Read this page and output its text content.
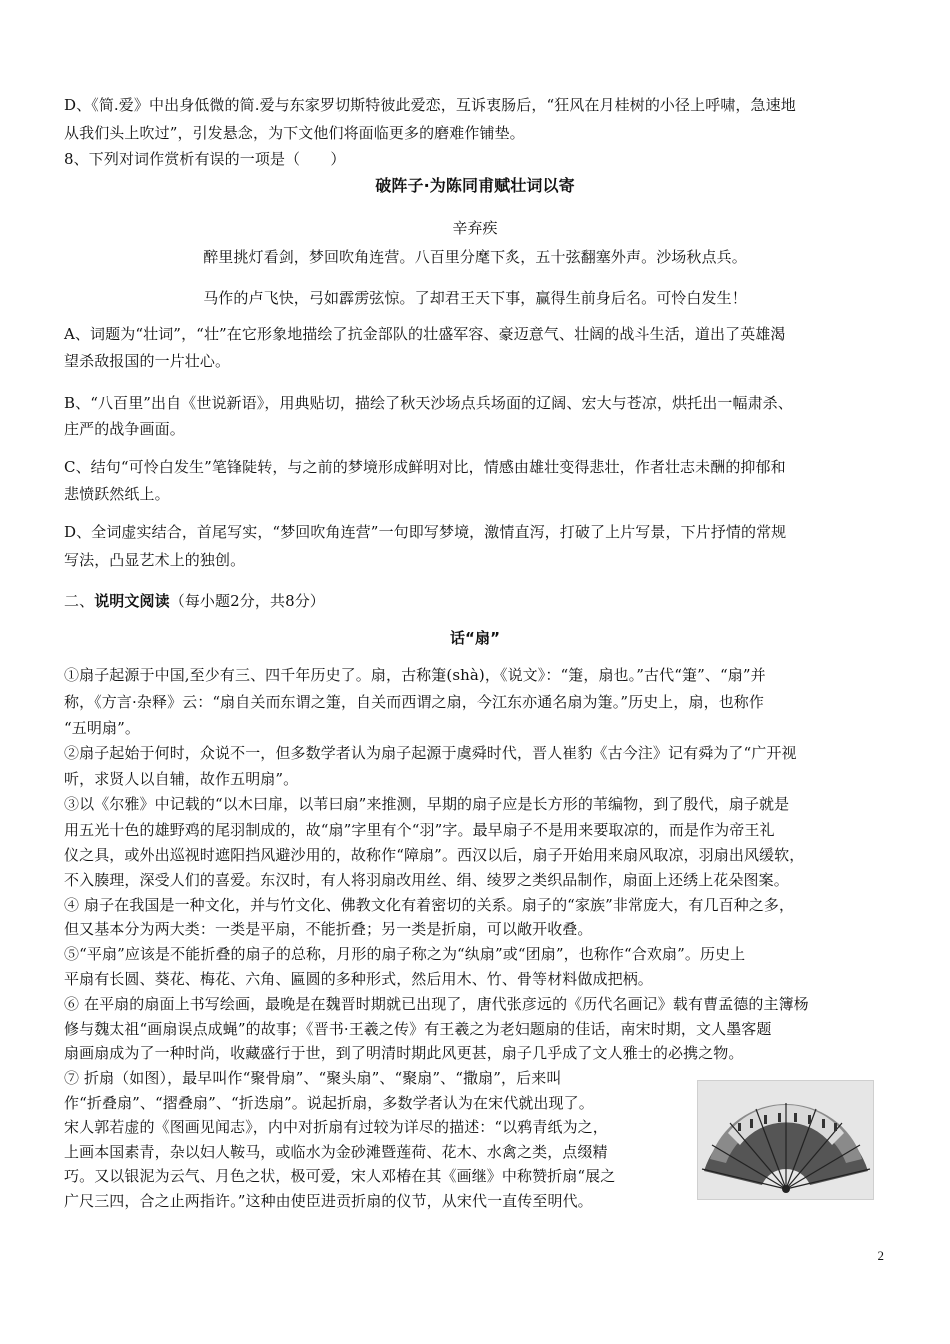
D、《简.爱》中出身低微的简.爱与东家罗切斯特彼此爱恋，互诉衷肠后，“狂风在月桂树的小径上呼啸，急速地
从我们头上吹过”，引发悬念，为下文他们将面临更多的磨难作铺垫。
8、下列对词作赏析有误的一项是（　　）
破阵子·为陈同甫赋壮词以寄
辛弃疾
醉里挑灯看剑，梦回吹角连营。八百里分麾下炙，五十弦翻塞外声。沙场秋点兵。
马作的卢飞快，弓如霹雳弦惊。了却君王天下事，赢得生前身后名。可怜白发生！
A、词题为“壮词”，“壮”在它形象地描绘了抗金部队的壮盛军容、豪迈意气、壮阔的战斗生活，道出了英雄渴
望杀敌报国的一片壮心。
B、“八百里”出自《世说新语》，用典贴切，描绘了秋天沙场点兵场面的辽阔、宏大与苍凉，烘托出一幅肃杀、
庄严的战争画面。
C、结句“可怜白发生”笔锋陡转，与之前的梦境形成鲜明对比，情感由雄壮变得悲壮，作者壮志未酬的抑郁和
悲愤跃然纸上。
D、全词虚实结合，首尾写实，“梦回吹角连营”一句即写梦境，激情直泻，打破了上片写景，下片抒情的常规
写法，凸显艺术上的独创。
二、说明文阅读（每小题2分，共8分）
话“扇”
①扇子起源于中国,至少有三、四千年历史了。扇，古称箑(shà)，《说文》：“箑，扇也。”古代“箑”、“扇”并
称，《方言·杂释》云：“扇自关而东谓之箑，自关而西谓之扇，今江东亦通名扇为箑。”历史上，扇，也称作
“五明扇”。
②扇子起始于何时，众说不一，但多数学者认为扇子起源于虞舜时代，晋人崔豹《古今注》记有舜为了“广开视
听，求贤人以自辅，故作五明扇”。
③以《尔雅》中记载的“以木曰扉，以苇曰扇”来推测，早期的扇子应是长方形的苇编物，到了殷代，扇子就是
用五光十色的雄野鸡的尾羽制成的，故“扇”字里有个“羽”字。最早扇子不是用来要取凉的，而是作为帝王礼
仪之具，或外出巡视时遮阳挡风避沙用的，故称作“障扇”。西汉以后，扇子开始用来扇风取凉，羽扇出风缓软，
不入腠理，深受人们的喜爱。东汉时，有人将羽扇改用丝、绢、绫罗之类织品制作，扇面上还绣上花朵图案。
④ 扇子在我国是一种文化，并与竹文化、佛教文化有着密切的关系。扇子的“家族”非常庞大，有几百种之多，
但又基本分为两大类：一类是平扇，不能折叠；另一类是折扇，可以敞开收叠。
⑤“平扇”应该是不能折叠的扇子的总称，月形的扇子称之为“纨扇”或“团扇”，也称作“合欢扇”。历史上
平扇有长圆、葵花、梅花、六角、匾圆的多种形式，然后用木、竹、骨等材料做成把柄。
⑥ 在平扇的扇面上书写绘画，最晚是在魏晋时期就已出现了，唐代张彦远的《历代名画记》载有曹孟德的主簿杨
修与魏太祖“画扇误点成蝇”的故事；《晋书·王羲之传》有王羲之为老妇题扇的佳话，南宋时期，文人墨客题
扇画扇成为了一种时尚，收藏盛行于世，到了明清时期此风更甚，扇子几乎成了文人雅士的必携之物。
⑦ 折扇（如图），最早叫作“聚骨扇”、“聚头扇”、“聚扇”、“撒扇”，后来叫
作“折叠扇”、“摺叠扇”、“折迭扇”。说起折扇，多数学者认为在宋代就出现了。
宋人郭若虚的《图画见闻志》，内中对折扇有过较为详尽的描述：“以鸦青纸为之，
上画本国素青，杂以妇人鞍马，或临水为金砂滩暨莲荷、花木、水禽之类，点缀精
巧。又以银泥为云气、月色之状，极可爱，宋人邓椿在其《画继》中称赞折扇“展之
广尺三四，合之止两指许。”这种由使臣进贡折扇的仪节，从宋代一直传至明代。
2
